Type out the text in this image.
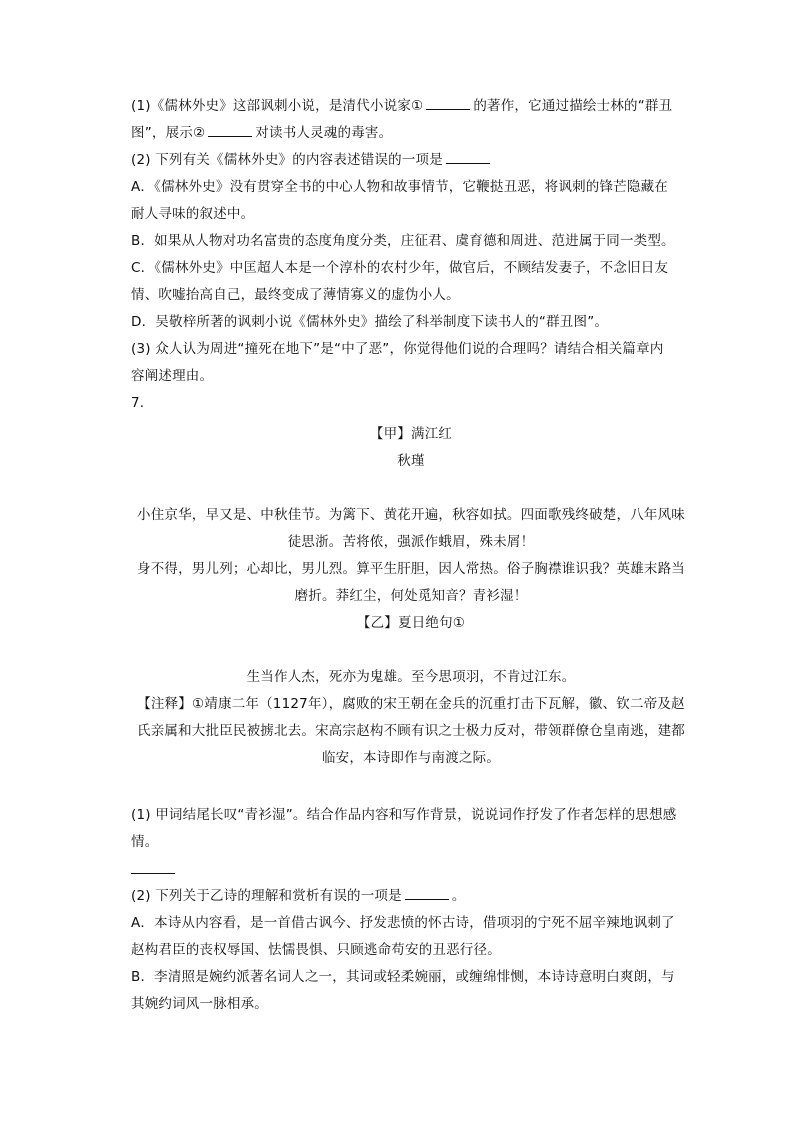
(1)《儒林外史》这部讽刺小说，是清代小说家①	的著作，它通过描绘士林的“群丑
图”，展示②	对读书人灵魂的毒害。
(2) 下列有关《儒林外史》的内容表述错误的一项是
A．《儒林外史》没有贯穿全书的中心人物和故事情节，它鞭挞丑恶，将讽刺的锋芒隐藏在
耐人寻味的叙述中。
B．如果从人物对功名富贵的态度角度分类，庄征君、虞育德和周进、范进属于同一类型。
C．《儒林外史》中匡超人本是一个淳朴的农村少年，做官后，不顾结发妻子，不念旧日友
情、吹嘘抬高自己，最终变成了薄情寡义的虚伪小人。
D．吴敬梓所著的讽刺小说《儒林外史》描绘了科举制度下读书人的“群丑图”。
(3) 众人认为周进“撞死在地下”是“中了恶”，你觉得他们说的合理吗？请结合相关篇章内
容阐述理由。
7.
【甲】满江红
秋瑾
小住京华，早又是、中秋佳节。为篱下、黄花开遍，秋容如拭。四面歌残终破楚，八年风味
徒思浙。苦将侬，强派作蛾眉，殊未屑！
身不得，男儿列；心却比，男儿烈。算平生肝胆，因人常热。俗子胸襟谁识我？英雄末路当
磨折。莽红尘，何处觅知音？青衫湿！
【乙】夏日绝句①
生当作人杰，死亦为鬼雄。至今思项羽，不肯过江东。
【注释】①靖康二年（1127年），腐败的宋王朝在金兵的沉重打击下瓦解，徽、钦二帝及赵
氏亲属和大批臣民被掳北去。宋高宗赵构不顾有识之士极力反对，带领群僚仓皇南逃，建都
临安，本诗即作与南渡之际。
(1) 甲词结尾长叹“青衫湿”。结合作品内容和写作背景，说说词作抒发了作者怎样的思想感
情。
(2) 下列关于乙诗的理解和赏析有误的一项是	。
A．本诗从内容看，是一首借古讽今、抒发悲愤的怀古诗，借项羽的宁死不屈辛辣地讽刺了
赵构君臣的丧权辱国、怯懦畏惧、只顾逃命苟安的丑恶行径。
B．李清照是婉约派著名词人之一，其词或轻柔婉丽，或缠绵悱恻，本诗诗意明白爽朗，与
其婉约词风一脉相承。
